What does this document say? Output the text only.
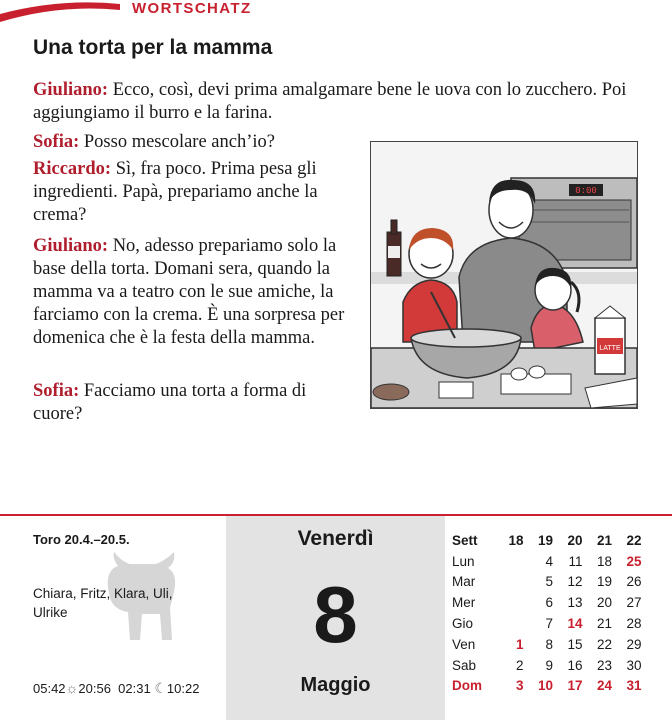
WORTSCHATZ
Una torta per la mamma

Giuliano: Ecco, così, devi prima amalgamare bene le uova con lo zucchero. Poi aggiungiamo il burro e la farina.

Sofia: Posso mescolare anch’io?

Riccardo: Sì, fra poco. Prima pesa gli ingredienti. Papà, prepariamo anche la crema?

Giuliano: No, adesso prepariamo solo la base della torta. Domani sera, quando la mamma va a teatro con le sue amiche, la farciamo con la crema. È una sorpresa per domenica che è la festa della mamma.

Sofia: Facciamo una torta a forma di cuore?

0:00
LATTE
Toro 20.4.–20.5.
Chiara, Fritz, Klara, Uli, Ulrike
05:42☼20:56 02:31 ☾10:22
Venerdì
8
Maggio
Sett	18	19	20	21	22
Lun		4	11	18	25
Mar		5	12	19	26
Mer		6	13	20	27
Gio		7	14	21	28
Ven	1	8	15	22	29
Sab	2	9	16	23	30
Dom	3	10	17	24	31
